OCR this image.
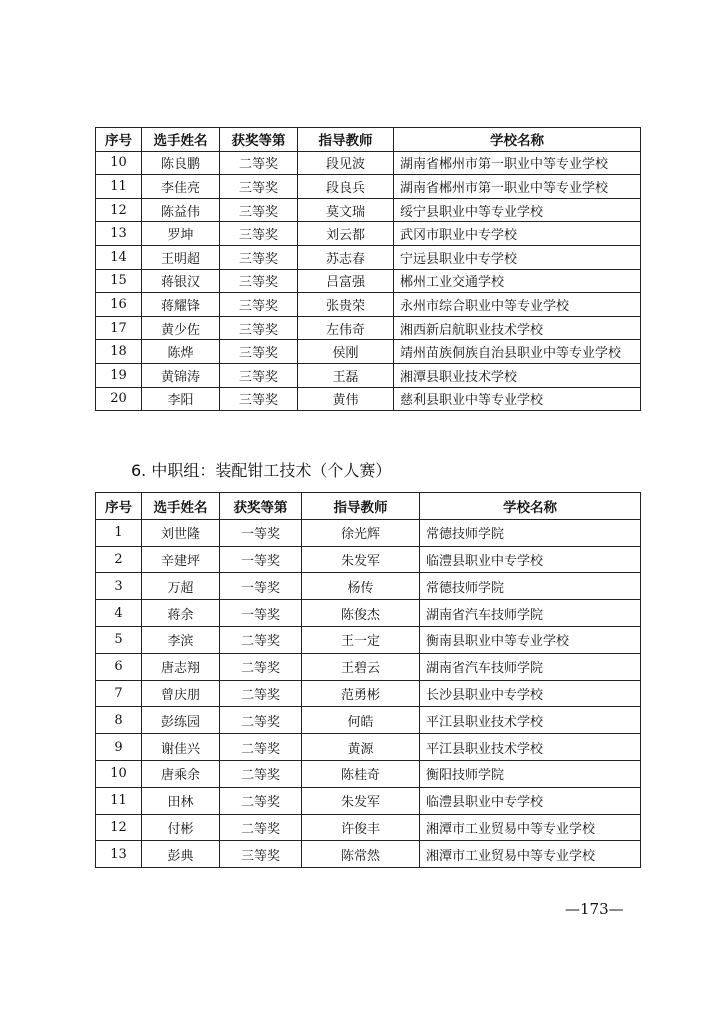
序号	选手姓名	获奖等第	指导教师	学校名称
10	陈良鹏	二等奖	段见波	湖南省郴州市第一职业中等专业学校
11	李佳亮	三等奖	段良兵	湖南省郴州市第一职业中等专业学校
12	陈益伟	三等奖	莫文瑞	绥宁县职业中等专业学校
13	罗坤	三等奖	刘云都	武冈市职业中专学校
14	王明超	三等奖	苏志春	宁远县职业中专学校
15	蒋银汉	三等奖	吕富强	郴州工业交通学校
16	蒋耀锋	三等奖	张贵荣	永州市综合职业中等专业学校
17	黄少佐	三等奖	左伟奇	湘西新启航职业技术学校
18	陈烨	三等奖	侯刚	靖州苗族侗族自治县职业中等专业学校
19	黄锦涛	三等奖	王磊	湘潭县职业技术学校
20	李阳	三等奖	黄伟	慈利县职业中等专业学校
6. 中职组：装配钳工技术（个人赛）
序号	选手姓名	获奖等第	指导教师	学校名称
1	刘世隆	一等奖	徐光辉	常德技师学院
2	辛建坪	一等奖	朱发军	临澧县职业中专学校
3	万超	一等奖	杨传	常德技师学院
4	蒋余	一等奖	陈俊杰	湖南省汽车技师学院
5	李滨	二等奖	王一定	衡南县职业中等专业学校
6	唐志翔	二等奖	王碧云	湖南省汽车技师学院
7	曾庆朋	二等奖	范勇彬	长沙县职业中专学校
8	彭练园	二等奖	何皓	平江县职业技术学校
9	谢佳兴	二等奖	黄源	平江县职业技术学校
10	唐乘余	二等奖	陈桂奇	衡阳技师学院
11	田林	二等奖	朱发军	临澧县职业中专学校
12	付彬	二等奖	许俊丰	湘潭市工业贸易中等专业学校
13	彭典	三等奖	陈常然	湘潭市工业贸易中等专业学校
—173—
